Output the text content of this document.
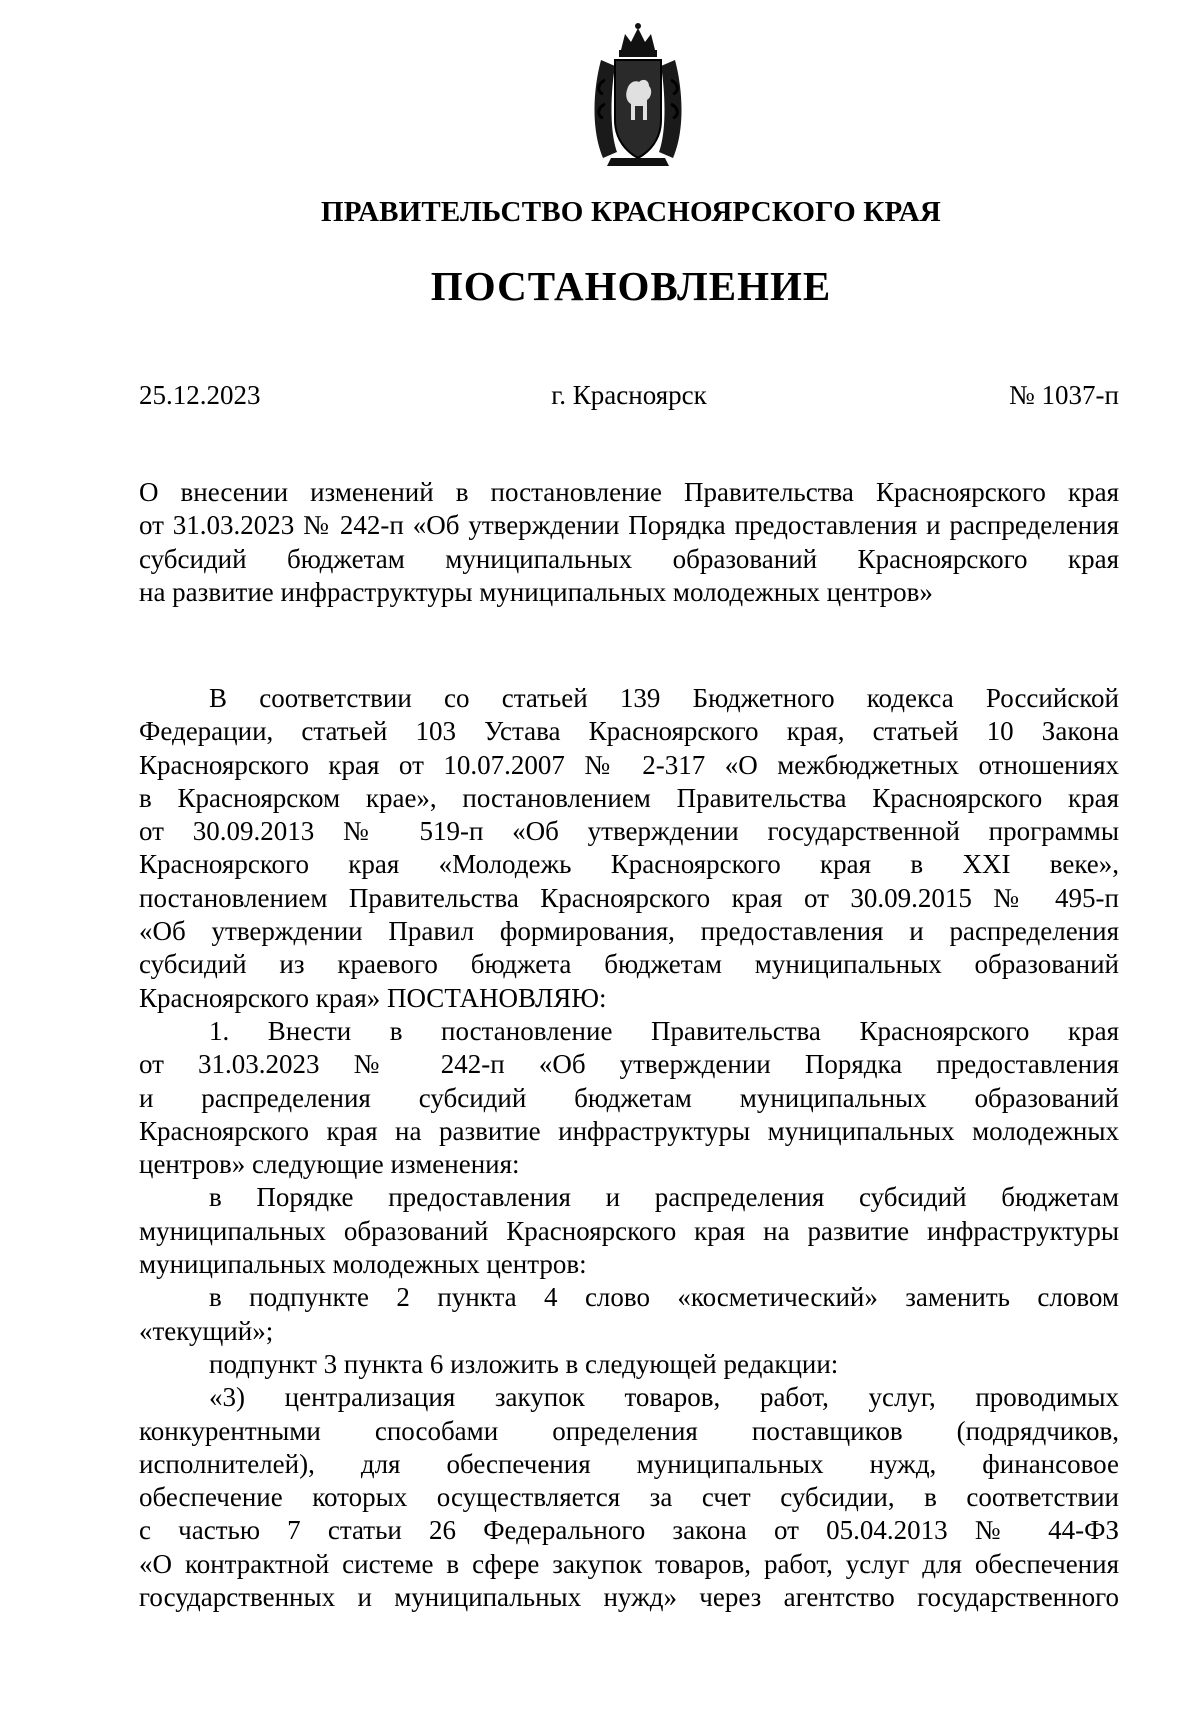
ПРАВИТЕЛЬСТВО КРАСНОЯРСКОГО КРАЯ
ПОСТАНОВЛЕНИЕ
25.12.2023	г. Красноярск	№ 1037-п
О внесении изменений в постановление Правительства Красноярского края
от 31.03.2023 № 242-п «Об утверждении Порядка предоставления и распределения
субсидий бюджетам муниципальных образований Красноярского края
на развитие инфраструктуры муниципальных молодежных центров»
В соответствии со статьей 139 Бюджетного кодекса Российской
Федерации, статьей 103 Устава Красноярского края, статьей 10 Закона
Красноярского края от 10.07.2007 № 2-317 «О межбюджетных отношениях
в Красноярском крае», постановлением Правительства Красноярского края
от 30.09.2013 № 519-п «Об утверждении государственной программы
Красноярского края «Молодежь Красноярского края в XXI веке»,
постановлением Правительства Красноярского края от 30.09.2015 № 495-п
«Об утверждении Правил формирования, предоставления и распределения
субсидий из краевого бюджета бюджетам муниципальных образований
Красноярского края» ПОСТАНОВЛЯЮ:
1. Внести в постановление Правительства Красноярского края
от 31.03.2023 № 242-п «Об утверждении Порядка предоставления
и распределения субсидий бюджетам муниципальных образований
Красноярского края на развитие инфраструктуры муниципальных молодежных
центров» следующие изменения:
в Порядке предоставления и распределения субсидий бюджетам
муниципальных образований Красноярского края на развитие инфраструктуры
муниципальных молодежных центров:
в подпункте 2 пункта 4 слово «косметический» заменить словом
«текущий»;
подпункт 3 пункта 6 изложить в следующей редакции:
«3) централизация закупок товаров, работ, услуг, проводимых
конкурентными способами определения поставщиков (подрядчиков,
исполнителей), для обеспечения муниципальных нужд, финансовое
обеспечение которых осуществляется за счет субсидии, в соответствии
с частью 7 статьи 26 Федерального закона от 05.04.2013 № 44-ФЗ
«О контрактной системе в сфере закупок товаров, работ, услуг для обеспечения
государственных и муниципальных нужд» через агентство государственного
